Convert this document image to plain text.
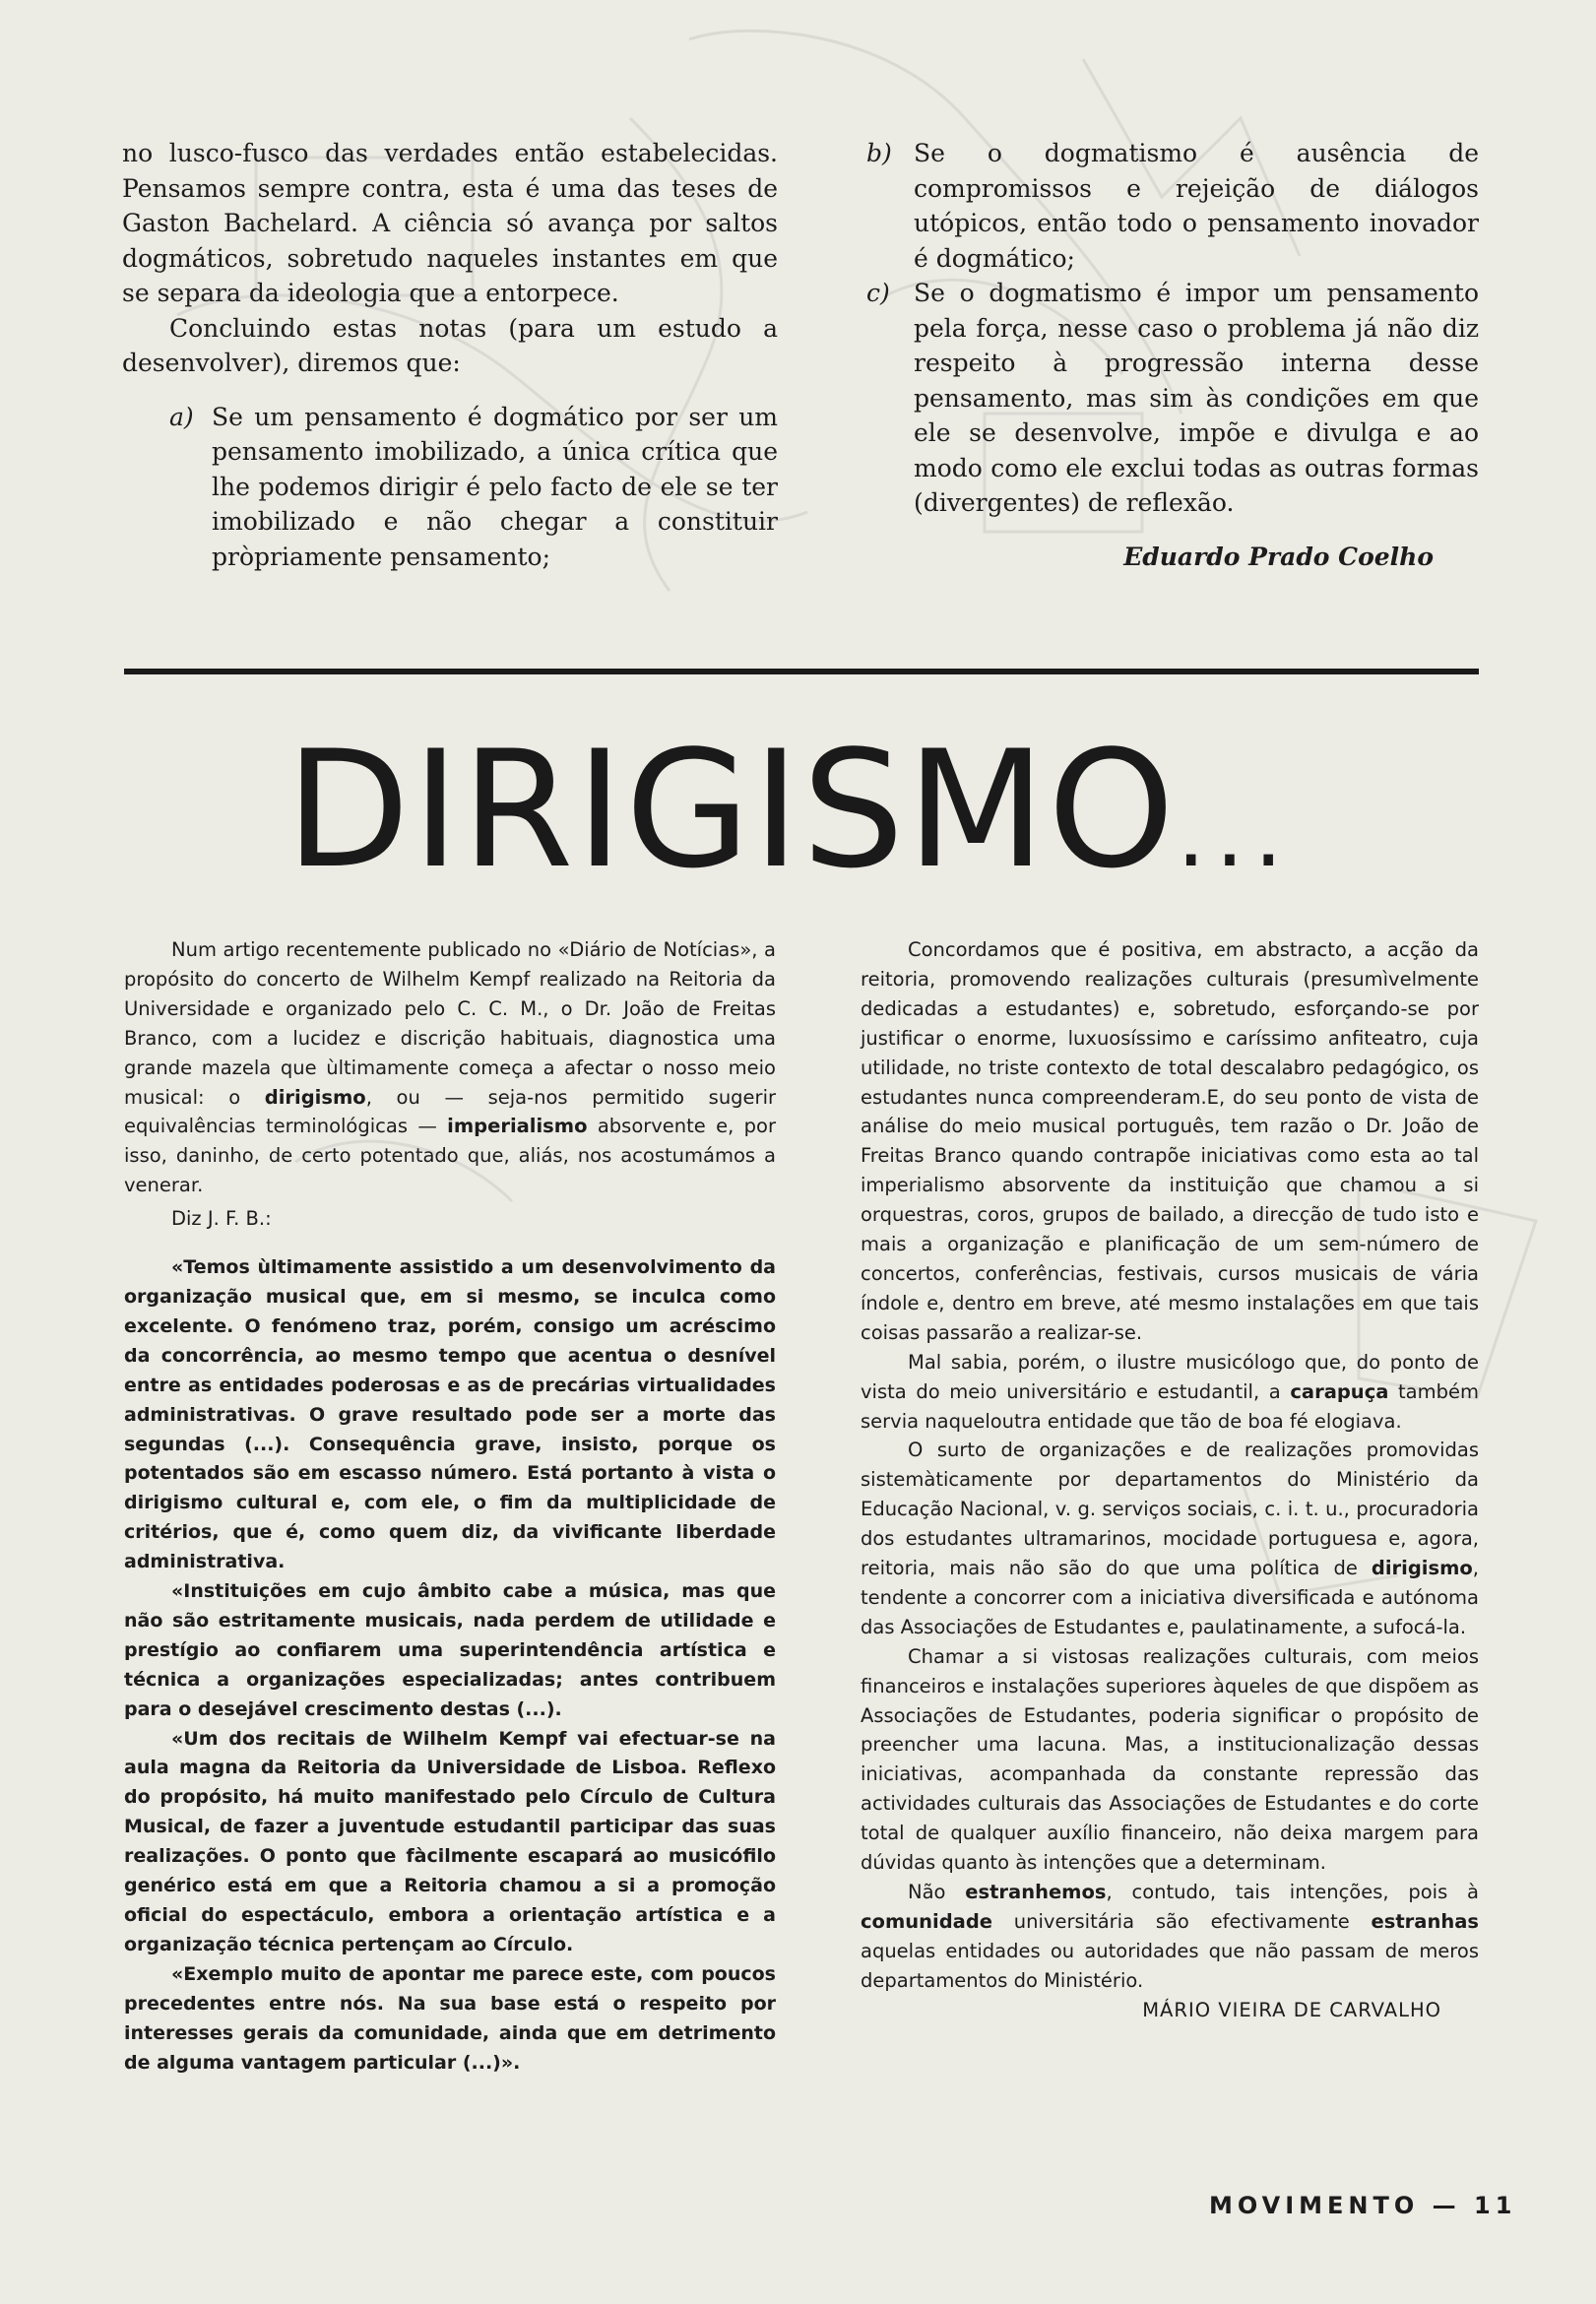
no lusco-fusco das verdades então estabelecidas. Pensamos sempre contra, esta é uma das teses de Gaston Bachelard. A ciência só avança por saltos dogmáticos, sobretudo naqueles instantes em que se separa da ideologia que a entorpece.

Concluindo estas notas (para um estudo a desenvolver), diremos que:

a) Se um pensamento é dogmático por ser um pensamento imobilizado, a única crítica que lhe podemos dirigir é pelo facto de ele se ter imobilizado e não chegar a constituir pròpriamente pensamento;

b) Se o dogmatismo é ausência de compromissos e rejeição de diálogos utópicos, então todo o pensamento inovador é dogmático;

c) Se o dogmatismo é impor um pensamento pela força, nesse caso o problema já não diz respeito à progressão interna desse pensamento, mas sim às condições em que ele se desenvolve, impõe e divulga e ao modo como ele exclui todas as outras formas (divergentes) de reflexão.

Eduardo Prado Coelho

DIRIGISMO...

Num artigo recentemente publicado no «Diário de Notícias», a propósito do concerto de Wilhelm Kempf realizado na Reitoria da Universidade e organizado pelo C. C. M., o Dr. João de Freitas Branco, com a lucidez e discrição habituais, diagnostica uma grande mazela que ùltimamente começa a afectar o nosso meio musical: o dirigismo, ou — seja-nos permitido sugerir equivalências terminológicas — imperialismo absorvente e, por isso, daninho, de certo potentado que, aliás, nos acostumámos a venerar.

Diz J. F. B.:

«Temos ùltimamente assistido a um desenvolvimento da organização musical que, em si mesmo, se inculca como excelente. O fenómeno traz, porém, consigo um acréscimo da concorrência, ao mesmo tempo que acentua o desnível entre as entidades poderosas e as de precárias virtualidades administrativas. O grave resultado pode ser a morte das segundas (...). Consequência grave, insisto, porque os potentados são em escasso número. Está portanto à vista o dirigismo cultural e, com ele, o fim da multiplicidade de critérios, que é, como quem diz, da vivificante liberdade administrativa.

«Instituições em cujo âmbito cabe a música, mas que não são estritamente musicais, nada perdem de utilidade e prestígio ao confiarem uma superintendência artística e técnica a organizações especializadas; antes contribuem para o desejável crescimento destas (...).

«Um dos recitais de Wilhelm Kempf vai efectuar-se na aula magna da Reitoria da Universidade de Lisboa. Reflexo do propósito, há muito manifestado pelo Círculo de Cultura Musical, de fazer a juventude estudantil participar das suas realizações. O ponto que fàcilmente escapará ao musicófilo genérico está em que a Reitoria chamou a si a promoção oficial do espectáculo, embora a orientação artística e a organização técnica pertençam ao Círculo.

«Exemplo muito de apontar me parece este, com poucos precedentes entre nós. Na sua base está o respeito por interesses gerais da comunidade, ainda que em detrimento de alguma vantagem particular (...)».

Concordamos que é positiva, em abstracto, a acção da reitoria, promovendo realizações culturais (presumìvelmente dedicadas a estudantes) e, sobretudo, esforçando-se por justificar o enorme, luxuosíssimo e caríssimo anfiteatro, cuja utilidade, no triste contexto de total descalabro pedagógico, os estudantes nunca compreenderam.E, do seu ponto de vista de análise do meio musical português, tem razão o Dr. João de Freitas Branco quando contrapõe iniciativas como esta ao tal imperialismo absorvente da instituição que chamou a si orquestras, coros, grupos de bailado, a direcção de tudo isto e mais a organização e planificação de um sem-número de concertos, conferências, festivais, cursos musicais de vária índole e, dentro em breve, até mesmo instalações em que tais coisas passarão a realizar-se.

Mal sabia, porém, o ilustre musicólogo que, do ponto de vista do meio universitário e estudantil, a carapuça também servia naqueloutra entidade que tão de boa fé elogiava.

O surto de organizações e de realizações promovidas sistemàticamente por departamentos do Ministério da Educação Nacional, v. g. serviços sociais, c. i. t. u., procuradoria dos estudantes ultramarinos, mocidade portuguesa e, agora, reitoria, mais não são do que uma política de dirigismo, tendente a concorrer com a iniciativa diversificada e autónoma das Associações de Estudantes e, paulatinamente, a sufocá-la.

Chamar a si vistosas realizações culturais, com meios financeiros e instalações superiores àqueles de que dispõem as Associações de Estudantes, poderia significar o propósito de preencher uma lacuna. Mas, a institucionalização dessas iniciativas, acompanhada da constante repressão das actividades culturais das Associações de Estudantes e do corte total de qualquer auxílio financeiro, não deixa margem para dúvidas quanto às intenções que a determinam.

Não estranhemos, contudo, tais intenções, pois à comunidade universitária são efectivamente estranhas aquelas entidades ou autoridades que não passam de meros departamentos do Ministério.

MÁRIO VIEIRA DE CARVALHO

MOVIMENTO — 11
